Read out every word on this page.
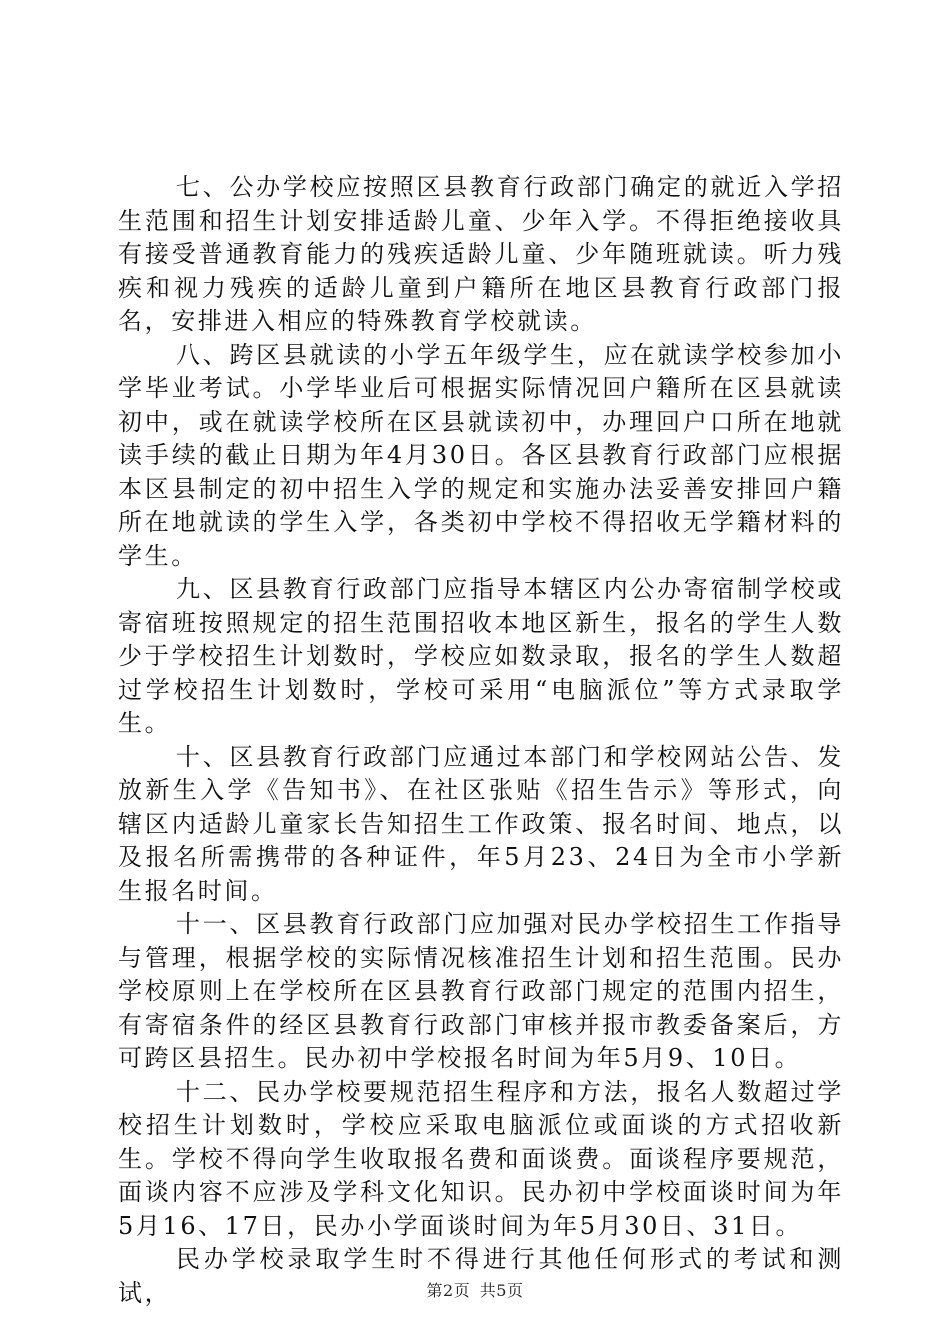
七、公办学校应按照区县教育行政部门确定的就近入学招生范围和招生计划安排适龄儿童、少年入学。不得拒绝接收具有接受普通教育能力的残疾适龄儿童、少年随班就读。听力残疾和视力残疾的适龄儿童到户籍所在地区县教育行政部门报名，安排进入相应的特殊教育学校就读。

八、跨区县就读的小学五年级学生，应在就读学校参加小学毕业考试。小学毕业后可根据实际情况回户籍所在区县就读初中，或在就读学校所在区县就读初中，办理回户口所在地就读手续的截止日期为年4月30日。各区县教育行政部门应根据本区县制定的初中招生入学的规定和实施办法妥善安排回户籍所在地就读的学生入学，各类初中学校不得招收无学籍材料的学生。

九、区县教育行政部门应指导本辖区内公办寄宿制学校或寄宿班按照规定的招生范围招收本地区新生，报名的学生人数少于学校招生计划数时，学校应如数录取，报名的学生人数超过学校招生计划数时，学校可采用“电脑派位”等方式录取学生。

十、区县教育行政部门应通过本部门和学校网站公告、发放新生入学《告知书》、在社区张贴《招生告示》等形式，向辖区内适龄儿童家长告知招生工作政策、报名时间、地点，以及报名所需携带的各种证件，年5月23、24日为全市小学新生报名时间。

十一、区县教育行政部门应加强对民办学校招生工作指导与管理，根据学校的实际情况核准招生计划和招生范围。民办学校原则上在学校所在区县教育行政部门规定的范围内招生，有寄宿条件的经区县教育行政部门审核并报市教委备案后，方可跨区县招生。民办初中学校报名时间为年5月9、10日。

十二、民办学校要规范招生程序和方法，报名人数超过学校招生计划数时，学校应采取电脑派位或面谈的方式招收新生。学校不得向学生收取报名费和面谈费。面谈程序要规范，面谈内容不应涉及学科文化知识。民办初中学校面谈时间为年5月16、17日，民办小学面谈时间为年5月30日、31日。

民办学校录取学生时不得进行其他任何形式的考试和测试，	第2页 共5页
